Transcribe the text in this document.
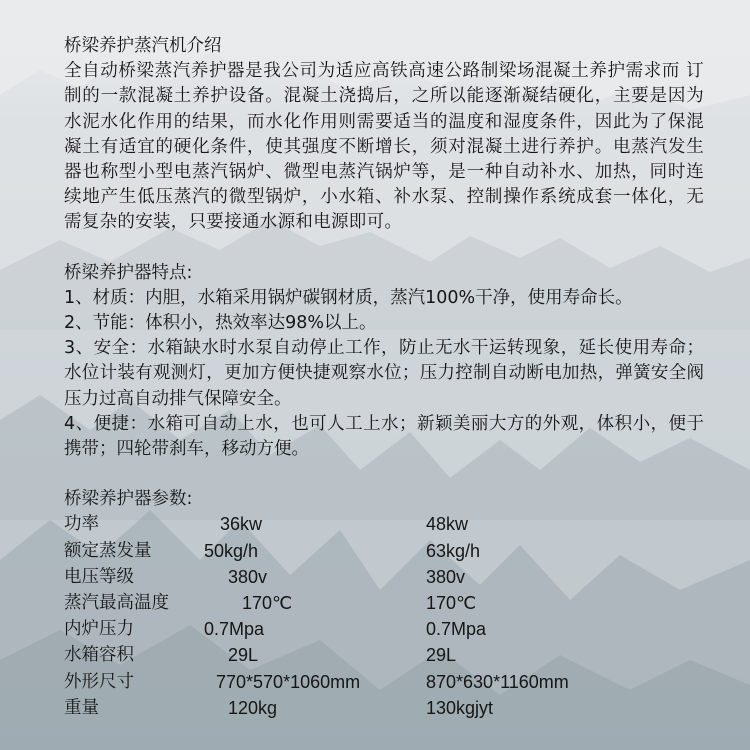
桥梁养护蒸汽机介绍

全自动桥梁蒸汽养护器是我公司为适应高铁高速公路制梁场混凝土养护需求而 订制的一款混凝土养护设备。混凝土浇捣后，之所以能逐渐凝结硬化，主要是因为水泥水化作用的结果，而水化作用则需要适当的温度和湿度条件，因此为了保混凝土有适宜的硬化条件，使其强度不断增长，须对混凝土进行养护。电蒸汽发生器也称型小型电蒸汽锅炉、微型电蒸汽锅炉等，是一种自动补水、加热，同时连续地产生低压蒸汽的微型锅炉，小水箱、补水泵、控制操作系统成套一体化，无需复杂的安装，只要接通水源和电源即可。

桥梁养护器特点:

1、材质：内胆，水箱采用锅炉碳钢材质，蒸汽100%干净，使用寿命长。
2、节能：体积小，热效率达98%以上。
3、安全：水箱缺水时水泵自动停止工作，防止无水干运转现象，延长使用寿命；水位计装有观测灯，更加方便快捷观察水位；压力控制自动断电加热，弹簧安全阀压力过高自动排气保障安全。
4、便捷：水箱可自动上水，也可人工上水；新颖美丽大方的外观，体积小，便于携带；四轮带刹车，移动方便。

桥梁养护器参数:

功率	36kw	48kw
额定蒸发量	50kg/h	63kg/h
电压等级	380v	380v
蒸汽最高温度	170℃	170℃
内炉压力	0.7Mpa	0.7Mpa
水箱容积	29L	29L
外形尺寸	770*570*1060mm	870*630*1160mm
重量	120kg	130kgjyt
